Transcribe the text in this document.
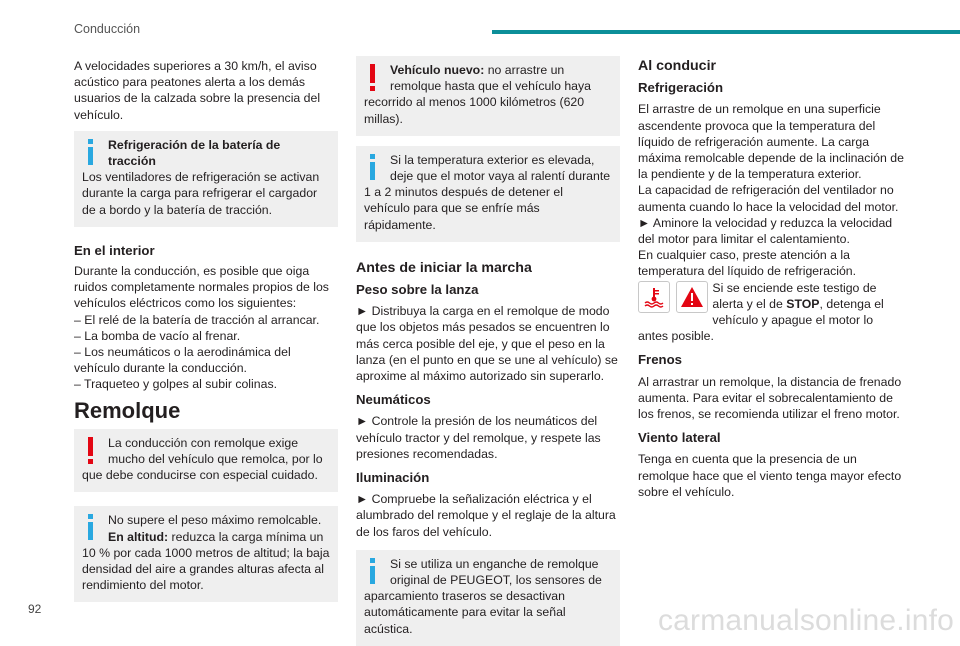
Conducción

A velocidades superiores a 30 km/h, el aviso acústico para peatones alerta a los demás usuarios de la calzada sobre la presencia del vehículo.

Refrigeración de la batería de tracción

Los ventiladores de refrigeración se activan durante la carga para refrigerar el cargador de a bordo y la batería de tracción.

En el interior

Durante la conducción, es posible que oiga ruidos completamente normales propios de los vehículos eléctricos como los siguientes:

– El relé de la batería de tracción al arrancar.

– La bomba de vacío al frenar.

– Los neumáticos o la aerodinámica del vehículo durante la conducción.

– Traqueteo y golpes al subir colinas.

Remolque

La conducción con remolque exige mucho del vehículo que remolca, por lo que debe conducirse con especial cuidado.

No supere el peso máximo remolcable.

En altitud: reduzca la carga mínima un 10 % por cada 1000 metros de altitud; la baja densidad del aire a grandes alturas afecta al rendimiento del motor.

Vehículo nuevo: no arrastre un remolque hasta que el vehículo haya recorrido al menos 1000 kilómetros (620 millas).

Si la temperatura exterior es elevada, deje que el motor vaya al ralentí durante 1 a 2 minutos después de detener el vehículo para que se enfríe más rápidamente.

Antes de iniciar la marcha
Peso sobre la lanza

► Distribuya la carga en el remolque de modo que los objetos más pesados se encuentren lo más cerca posible del eje, y que el peso en la lanza (en el punto en que se une al vehículo) se aproxime al máximo autorizado sin superarlo.

Neumáticos

► Controle la presión de los neumáticos del vehículo tractor y del remolque, y respete las presiones recomendadas.

Iluminación

► Compruebe la señalización eléctrica y el alumbrado del remolque y el reglaje de la altura de los faros del vehículo.

Si se utiliza un enganche de remolque original de PEUGEOT, los sensores de aparcamiento traseros se desactivan automáticamente para evitar la señal acústica.

Al conducir
Refrigeración

El arrastre de un remolque en una superficie ascendente provoca que la temperatura del líquido de refrigeración aumente. La carga máxima remolcable depende de la inclinación de la pendiente y de la temperatura exterior.

La capacidad de refrigeración del ventilador no aumenta cuando lo hace la velocidad del motor.

► Aminore la velocidad y reduzca la velocidad del motor para limitar el calentamiento.

En cualquier caso, preste atención a la temperatura del líquido de refrigeración.

Si se enciende este testigo de alerta y el de STOP, detenga el vehículo y apague el motor lo antes posible.

Frenos

Al arrastrar un remolque, la distancia de frenado aumenta. Para evitar el sobrecalentamiento de los frenos, se recomienda utilizar el freno motor.

Viento lateral

Tenga en cuenta que la presencia de un remolque hace que el viento tenga mayor efecto sobre el vehículo.

92	carmanualsonline.info
